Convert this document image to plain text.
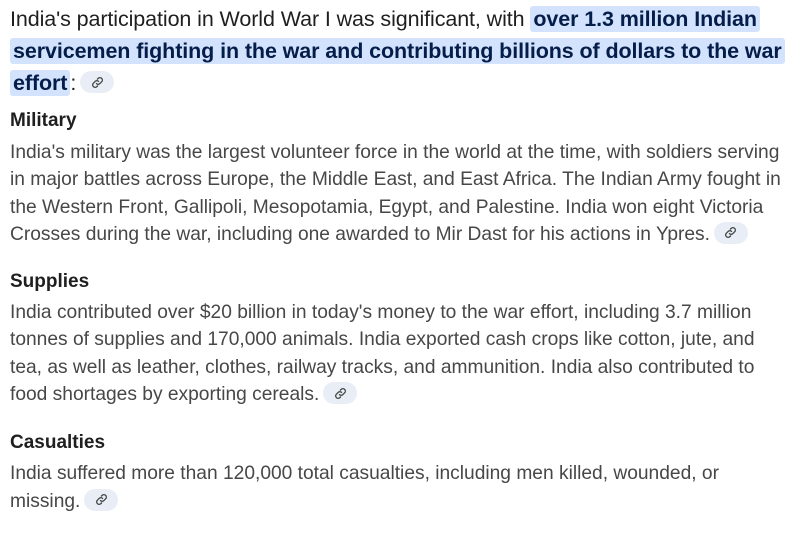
India's participation in World War I was significant, with over 1.3 million Indian servicemen fighting in the war and contributing billions of dollars to the war effort :

Military

India's military was the largest volunteer force in the world at the time, with soldiers serving in major battles across Europe, the Middle East, and East Africa. The Indian Army fought in the Western Front, Gallipoli, Mesopotamia, Egypt, and Palestine. India won eight Victoria Crosses during the war, including one awarded to Mir Dast for his actions in Ypres.

Supplies

India contributed over $20 billion in today's money to the war effort, including 3.7 million tonnes of supplies and 170,000 animals. India exported cash crops like cotton, jute, and tea, as well as leather, clothes, railway tracks, and ammunition. India also contributed to food shortages by exporting cereals.

Casualties

India suffered more than 120,000 total casualties, including men killed, wounded, or missing.
